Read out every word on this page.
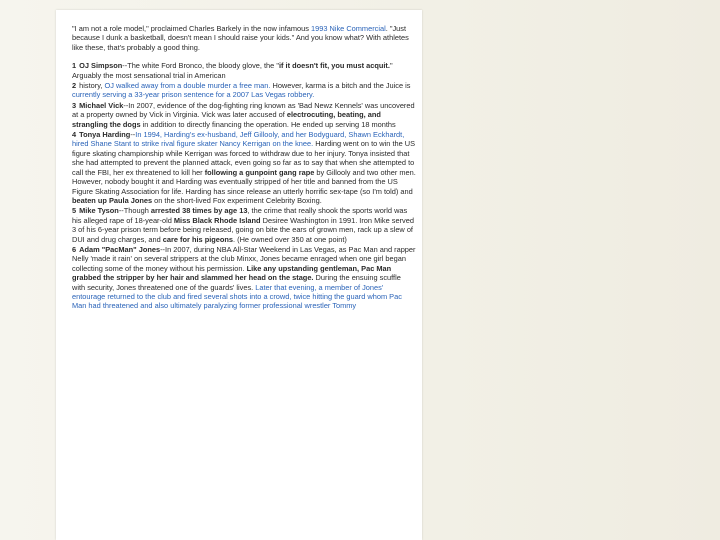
"I am not a role model," proclaimed Charles Barkely in the now infamous 1993 Nike Commercial. "Just because I dunk a basketball, doesn't mean I should raise your kids." And you know what? With athletes like these, that's probably a good thing.

1 OJ Simpson--The white Ford Bronco, the bloody glove, the "if it doesn't fit, you must acquit." Arguably the most sensational trial in American
2 history, OJ walked away from a double murder a free man. However, karma is a bitch and the Juice is currently serving a 33-year prison sentence for a 2007 Las Vegas robbery.
3 Michael Vick--In 2007, evidence of the dog-fighting ring known as 'Bad Newz Kennels' was uncovered at a property owned by Vick in Virginia. Vick was later accused of electrocuting, beating, and strangling the dogs in addition to directly financing the operation. He ended up serving 18 months
4 Tonya Harding--In 1994, Harding's ex-husband, Jeff Gillooly, and her Bodyguard, Shawn Eckhardt, hired Shane Stant to strike rival figure skater Nancy Kerrigan on the knee. Harding went on to win the US figure skating championship while Kerrigan was forced to withdraw due to her injury. Tonya insisted that she had attempted to prevent the planned attack, even going so far as to say that when she attempted to call the FBI, her ex threatened to kill her following a gunpoint gang rape by Gillooly and two other men. However, nobody bought it and Harding was eventually stripped of her title and banned from the US Figure Skating Association for life. Harding has since release an utterly horrific sex-tape (so I'm told) and beaten up Paula Jones on the short-lived Fox experiment Celebrity Boxing.
5 Mike Tyson--Though arrested 38 times by age 13, the crime that really shook the sports world was his alleged rape of 18-year-old Miss Black Rhode Island Desiree Washington in 1991. Iron Mike served 3 of his 6-year prison term before being released, going on bite the ears of grown men, rack up a slew of DUI and drug charges, and care for his pigeons. (He owned over 350 at one point)
6 Adam "PacMan" Jones--In 2007, during NBA All-Star Weekend in Las Vegas, as Pac Man and rapper Nelly 'made it rain' on several strippers at the club Minxx, Jones became enraged when one girl began collecting some of the money without his permission. Like any upstanding gentleman, Pac Man grabbed the stripper by her hair and slammed her head on the stage. During the ensuing scuffle with security, Jones threatened one of the guards' lives. Later that evening, a member of Jones' entourage returned to the club and fired several shots into a crowd, twice hitting the guard whom Pac Man had threatened and also ultimately paralyzing former professional wrestler Tommy
